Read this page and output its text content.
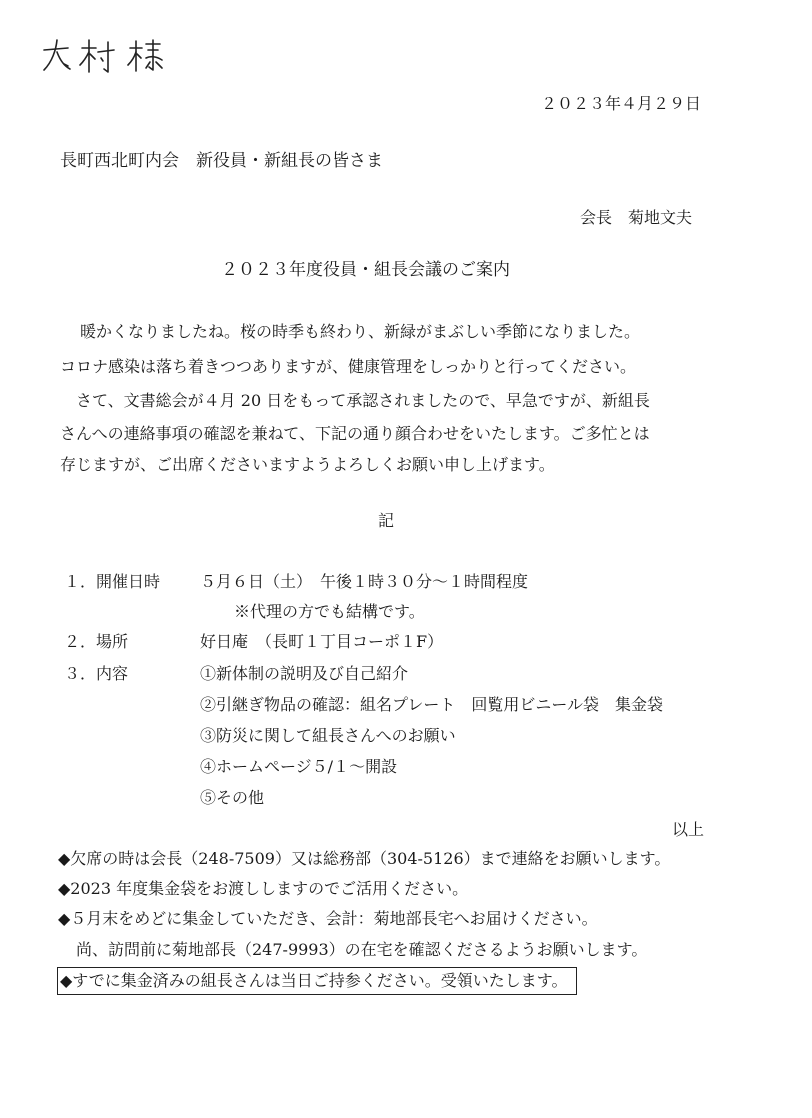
２０２３年４月２９日
長町西北町内会　新役員・新組長の皆さま
会長　菊地文夫
２０２３年度役員・組長会議のご案内
暖かくなりましたね。桜の時季も終わり、新緑がまぶしい季節になりました。
コロナ感染は落ち着きつつありますが、健康管理をしっかりと行ってください。
さて、文書総会が４月 20 日をもって承認されましたので、早急ですが、新組長
さんへの連絡事項の確認を兼ねて、下記の通り顔合わせをいたします。ご多忙とは
存じますが、ご出席くださいますようよろしくお願い申し上げます。
記
１． 開催日時 ５月６日（土）　午後１時３０分～１時間程度
※代理の方でも結構です。
２． 場所	好日庵　（長町１丁目コーポ１F）
３． 内容	①新体制の説明及び自己紹介
②引継ぎ物品の確認：組名プレート　回覧用ビニール袋　集金袋
③防災に関して組長さんへのお願い
④ホームページ５/１～開設
⑤その他
以上
◆欠席の時は会長（248-7509）又は総務部（304-5126）まで連絡をお願いします。
◆2023 年度集金袋をお渡ししますのでご活用ください。
◆５月末をめどに集金していただき、会計：菊地部長宅へお届けください。
尚、訪問前に菊地部長（247-9993）の在宅を確認くださるようお願いします。
◆すでに集金済みの組長さんは当日ご持参ください。受領いたします。
